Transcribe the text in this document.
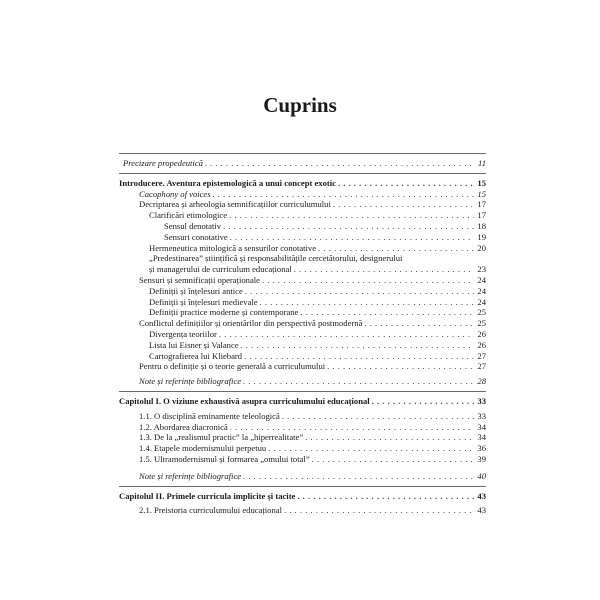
Cuprins
Precizare propedeutică . . .	11
Introducere. Aventura epistemologică a unui concept exotic . . .	15
Cacophony of voices . . .	15
Decriptarea și arheologia semnificațiilor curriculumului . . .	17
Clarificări etimologice . . .	17
Sensul denotativ . . .	18
Sensuri conotative . . .	19
Hermeneutica mitologică a sensurilor conotative . . .	20
„Predestinarea” științifică și responsabilitățile cercetătorului, designerului
și managerului de curriculum educațional . . .	23
Sensuri și semnificații operaționale . . .	24
Definiții și înțelesuri antice . . .	24
Definiții și înțelesuri medievale . . .	24
Definiții practice moderne și contemporane . . .	25
Conflictul definițiilor și orientărilor din perspectivă postmodernă . . .	25
Divergența teoriilor . . .	26
Lista lui Eisner și Valance . . .	26
Cartografierea lui Kliebard . . .	27
Pentru o definiție și o teorie generală a curriculumului . . .	27
Note și referințe bibliografice . . .	28
Capitolul I. O viziune exhaustivă asupra curriculumului educațional . . .	33
1.1. O disciplină eminamente teleologică . . .	33
1.2. Abordarea diacronică . . .	34
1.3. De la „realismul practic” la „hiperrealitate” . . .	34
1.4. Etapele modernismului perpetuu . . .	36
1.5. Ultramodernismul și formarea „omului total” . . .	39
Note și referințe bibliografice . . .	40
Capitolul II. Primele curricula implicite și tacite . . .	43
2.1. Preistoria curriculumului educațional . . .	43
